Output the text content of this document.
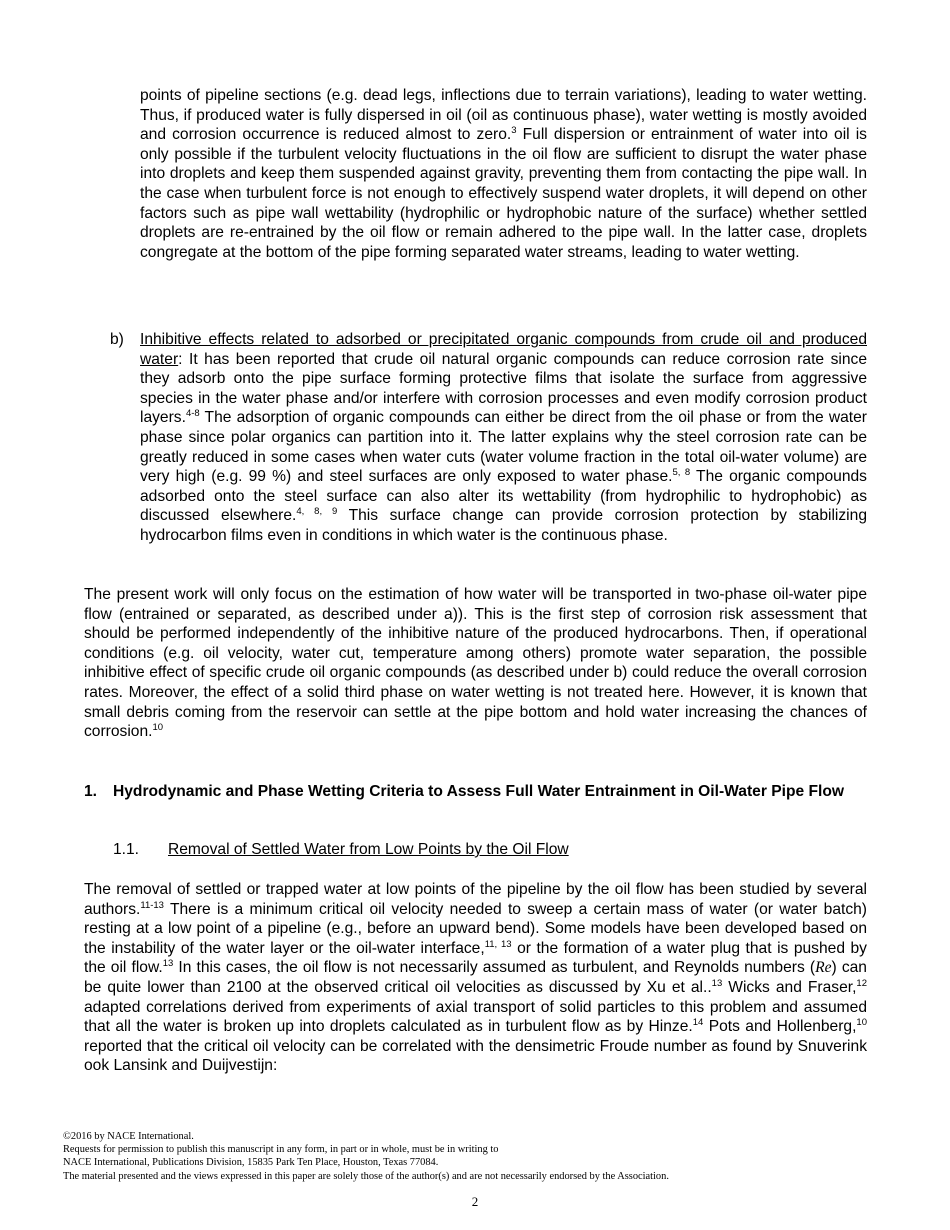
points of pipeline sections (e.g. dead legs, inflections due to terrain variations), leading to water wetting. Thus, if produced water is fully dispersed in oil (oil as continuous phase), water wetting is mostly avoided and corrosion occurrence is reduced almost to zero.$^3$ Full dispersion or entrainment of water into oil is only possible if the turbulent velocity fluctuations in the oil flow are sufficient to disrupt the water phase into droplets and keep them suspended against gravity, preventing them from contacting the pipe wall. In the case when turbulent force is not enough to effectively suspend water droplets, it will depend on other factors such as pipe wall wettability (hydrophilic or hydrophobic nature of the surface) whether settled droplets are re-entrained by the oil flow or remain adhered to the pipe wall. In the latter case, droplets congregate at the bottom of the pipe forming separated water streams, leading to water wetting.
b) Inhibitive effects related to adsorbed or precipitated organic compounds from crude oil and produced water: It has been reported that crude oil natural organic compounds can reduce corrosion rate since they adsorb onto the pipe surface forming protective films that isolate the surface from aggressive species in the water phase and/or interfere with corrosion processes and even modify corrosion product layers.$^{4-8}$ The adsorption of organic compounds can either be direct from the oil phase or from the water phase since polar organics can partition into it. The latter explains why the steel corrosion rate can be greatly reduced in some cases when water cuts (water volume fraction in the total oil-water volume) are very high (e.g. 99 %) and steel surfaces are only exposed to water phase.$^{5, 8}$ The organic compounds adsorbed onto the steel surface can also alter its wettability (from hydrophilic to hydrophobic) as discussed elsewhere.$^{4, 8, 9}$ This surface change can provide corrosion protection by stabilizing hydrocarbon films even in conditions in which water is the continuous phase.
The present work will only focus on the estimation of how water will be transported in two-phase oil-water pipe flow (entrained or separated, as described under a)). This is the first step of corrosion risk assessment that should be performed independently of the inhibitive nature of the produced hydrocarbons. Then, if operational conditions (e.g. oil velocity, water cut, temperature among others) promote water separation, the possible inhibitive effect of specific crude oil organic compounds (as described under b) could reduce the overall corrosion rates. Moreover, the effect of a solid third phase on water wetting is not treated here. However, it is known that small debris coming from the reservoir can settle at the pipe bottom and hold water increasing the chances of corrosion.$^{10}$
1. Hydrodynamic and Phase Wetting Criteria to Assess Full Water Entrainment in Oil-Water Pipe Flow
1.1. Removal of Settled Water from Low Points by the Oil Flow
The removal of settled or trapped water at low points of the pipeline by the oil flow has been studied by several authors.$^{11-13}$ There is a minimum critical oil velocity needed to sweep a certain mass of water (or water batch) resting at a low point of a pipeline (e.g., before an upward bend). Some models have been developed based on the instability of the water layer or the oil-water interface,$^{11, 13}$ or the formation of a water plug that is pushed by the oil flow.$^{13}$ In this cases, the oil flow is not necessarily assumed as turbulent, and Reynolds numbers (Re) can be quite lower than 2100 at the observed critical oil velocities as discussed by Xu et al..$^{13}$ Wicks and Fraser,$^{12}$ adapted correlations derived from experiments of axial transport of solid particles to this problem and assumed that all the water is broken up into droplets calculated as in turbulent flow as by Hinze.$^{14}$ Pots and Hollenberg,$^{10}$ reported that the critical oil velocity can be correlated with the densimetric Froude number as found by Snuverink ook Lansink and Duijvestijn:
©2016 by NACE International.
Requests for permission to publish this manuscript in any form, in part or in whole, must be in writing to
NACE International, Publications Division, 15835 Park Ten Place, Houston, Texas 77084.
The material presented and the views expressed in this paper are solely those of the author(s) and are not necessarily endorsed by the Association.
2
